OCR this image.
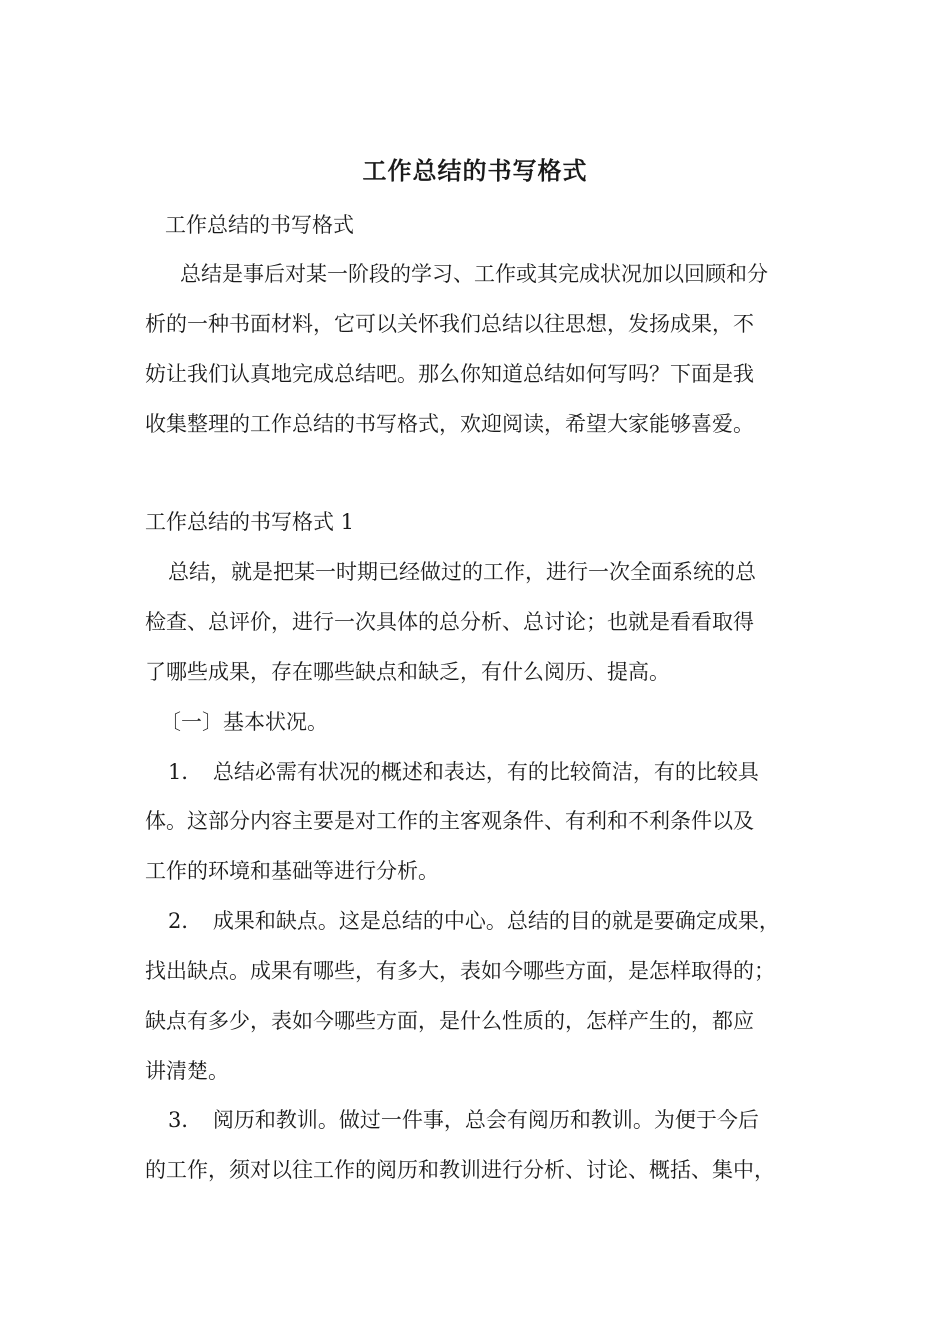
工作总结的书写格式
工作总结的书写格式
总结是事后对某一阶段的学习、工作或其完成状况加以回顾和分
析的一种书面材料，它可以关怀我们总结以往思想，发扬成果，不
妨让我们认真地完成总结吧。那么你知道总结如何写吗？下面是我
收集整理的工作总结的书写格式，欢迎阅读，希望大家能够喜爱。
工作总结的书写格式 1
总结，就是把某一时期已经做过的工作，进行一次全面系统的总
检查、总评价，进行一次具体的总分析、总讨论；也就是看看取得
了哪些成果，存在哪些缺点和缺乏，有什么阅历、提高。
〔一〕基本状况。
1．　总结必需有状况的概述和表达，有的比较简洁，有的比较具
体。这部分内容主要是对工作的主客观条件、有利和不利条件以及
工作的环境和基础等进行分析。
2．　成果和缺点。这是总结的中心。总结的目的就是要确定成果，
找出缺点。成果有哪些，有多大，表如今哪些方面，是怎样取得的；
缺点有多少，表如今哪些方面，是什么性质的，怎样产生的，都应
讲清楚。
3．　阅历和教训。做过一件事，总会有阅历和教训。为便于今后
的工作，须对以往工作的阅历和教训进行分析、讨论、概括、集中，
